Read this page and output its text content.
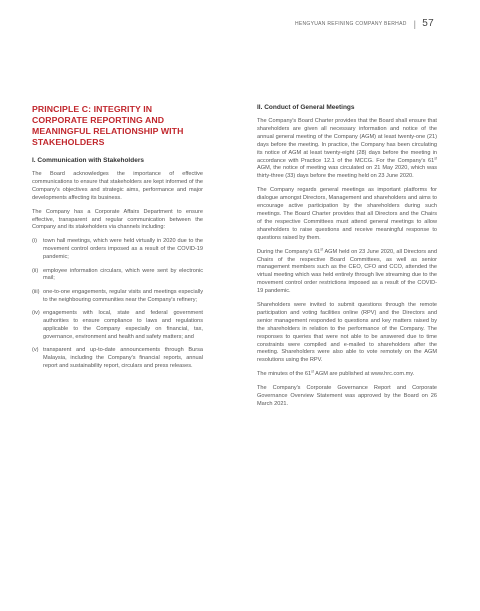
HENGYUAN REFINING COMPANY BERHAD | 57
PRINCIPLE C: INTEGRITY IN CORPORATE REPORTING AND MEANINGFUL RELATIONSHIP WITH STAKEHOLDERS
I. Communication with Stakeholders

The Board acknowledges the importance of effective communications to ensure that stakeholders are kept informed of the Company's objectives and strategic aims, performance and major developments affecting its business.

The Company has a Corporate Affairs Department to ensure effective, transparent and regular communication between the Company and its stakeholders via channels including:

(i)	town hall meetings, which were held virtually in 2020 due to the movement control orders imposed as a result of the COVID-19 pandemic;
(ii) employee information circulars, which were sent by electronic mail;
(iii) one-to-one engagements, regular visits and meetings especially to the neighbouring communities near the Company's refinery;
(iv) engagements with local, state and federal government authorities to ensure compliance to laws and regulations applicable to the Company especially on financial, tax, governance, environment and health and safety matters; and
(v) transparent and up-to-date announcements through Bursa Malaysia, including the Company's financial reports, annual report and sustainability report, circulars and press releases.
II. Conduct of General Meetings

The Company's Board Charter provides that the Board shall ensure that shareholders are given all necessary information and notice of the annual general meeting of the Company (AGM) at least twenty-one (21) days before the meeting. In practice, the Company has been circulating its notice of AGM at least twenty-eight (28) days before the meeting in accordance with Practice 12.1 of the MCCG. For the Company's 61st AGM, the notice of meeting was circulated on 21 May 2020, which was thirty-three (33) days before the meeting held on 23 June 2020.

The Company regards general meetings as important platforms for dialogue amongst Directors, Management and shareholders and aims to encourage active participation by the shareholders during such meetings. The Board Charter provides that all Directors and the Chairs of the respective Committees must attend general meetings to allow shareholders to raise questions and receive meaningful response to questions raised by them.

During the Company's 61st AGM held on 23 June 2020, all Directors and Chairs of the respective Board Committees, as well as senior management members such as the CEO, CFO and CCO, attended the virtual meeting which was held entirely through live streaming due to the movement control order restrictions imposed as a result of the COVID-19 pandemic.

Shareholders were invited to submit questions through the remote participation and voting facilities online (RPV) and the Directors and senior management responded to questions and key matters raised by the shareholders in relation to the performance of the Company. The responses to queries that were not able to be answered due to time constraints were compiled and e-mailed to shareholders after the meeting. Shareholders were also able to vote remotely on the AGM resolutions using the RPV.

The minutes of the 61st AGM are published at www.hrc.com.my.

The Company's Corporate Governance Report and Corporate Governance Overview Statement was approved by the Board on 26 March 2021.
